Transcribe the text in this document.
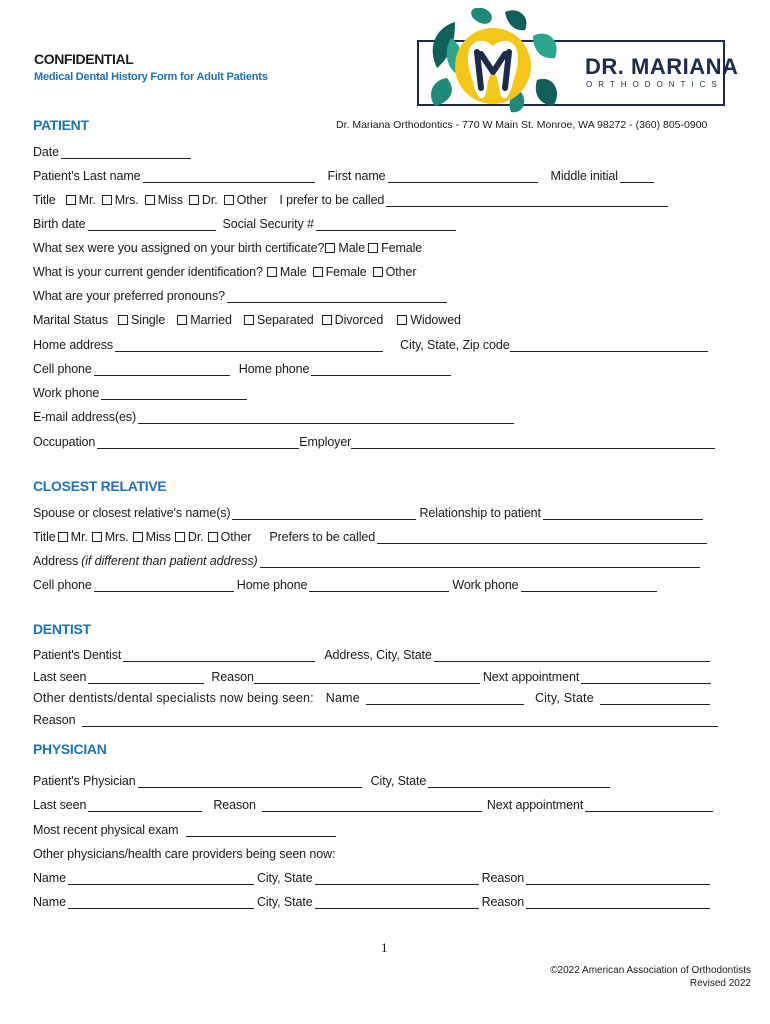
CONFIDENTIAL
Medical Dental History Form for Adult Patients	DR. MARIANA
ORTHODONTICS
PATIENT	Dr. Mariana Orthodontics - 770 W Main St. Monroe, WA 98272 - (360) 805-0900
Date
Patient's Last name	First name	Middle initial
Title Mr. Mrs. Miss Dr. Other I prefer to be called
Birth date	Social Security #
What sex were you assigned on your birth certificate? Male Female
What is your current gender identification? Male Female Other
What are your preferred pronouns?
Marital Status Single Married Separated Divorced Widowed
Home address	City, State, Zip code
Cell phone	Home phone
Work phone
E-mail address(es)
Occupation	Employer
CLOSEST RELATIVE
Spouse or closest relative's name(s)	Relationship to patient
Title Mr. Mrs. Miss Dr. Other Prefers to be called
Address (if different than patient address)
Cell phone	Home phone	Work phone
DENTIST
Patient's Dentist	Address, City, State
Last seen	Reason	Next appointment
Other dentists/dental specialists now being seen: Name	City, State
Reason
PHYSICIAN
Patient's Physician	City, State
Last seen	Reason	Next appointment
Most recent physical exam
Other physicians/health care providers being seen now:
Name	City, State	Reason
Name	City, State	Reason
1
©2022 American Association of Orthodontists
Revised 2022
